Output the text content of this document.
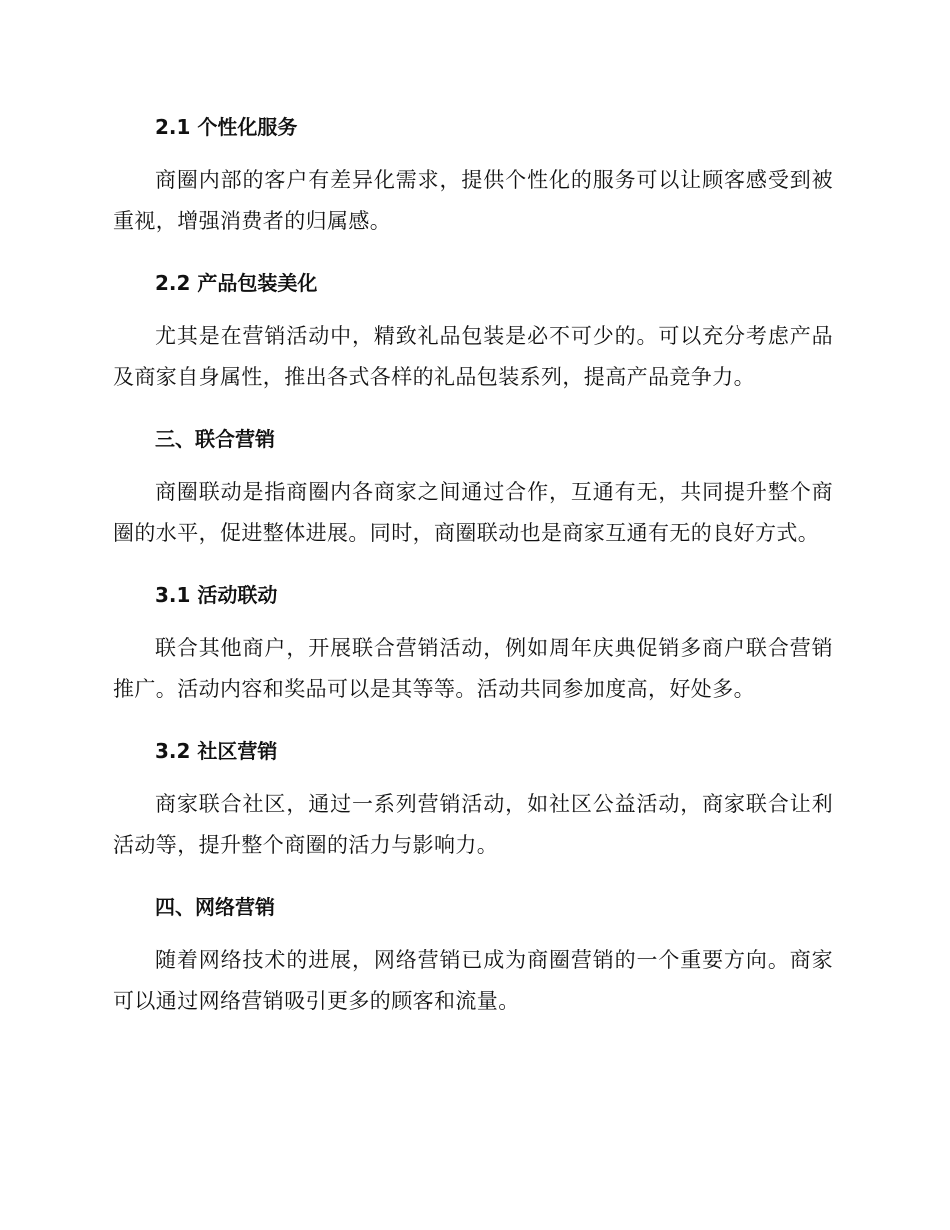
2.1 个性化服务

商圈内部的客户有差异化需求，提供个性化的服务可以让顾客感受到被重视，增强消费者的归属感。

2.2 产品包装美化

尤其是在营销活动中，精致礼品包装是必不可少的。可以充分考虑产品及商家自身属性，推出各式各样的礼品包装系列，提高产品竞争力。

三、联合营销

商圈联动是指商圈内各商家之间通过合作，互通有无，共同提升整个商圈的水平，促进整体进展。同时，商圈联动也是商家互通有无的良好方式。

3.1 活动联动

联合其他商户，开展联合营销活动，例如周年庆典促销多商户联合营销推广。活动内容和奖品可以是其等等。活动共同参加度高，好处多。

3.2 社区营销

商家联合社区，通过一系列营销活动，如社区公益活动，商家联合让利活动等，提升整个商圈的活力与影响力。

四、网络营销

随着网络技术的进展，网络营销已成为商圈营销的一个重要方向。商家可以通过网络营销吸引更多的顾客和流量。
